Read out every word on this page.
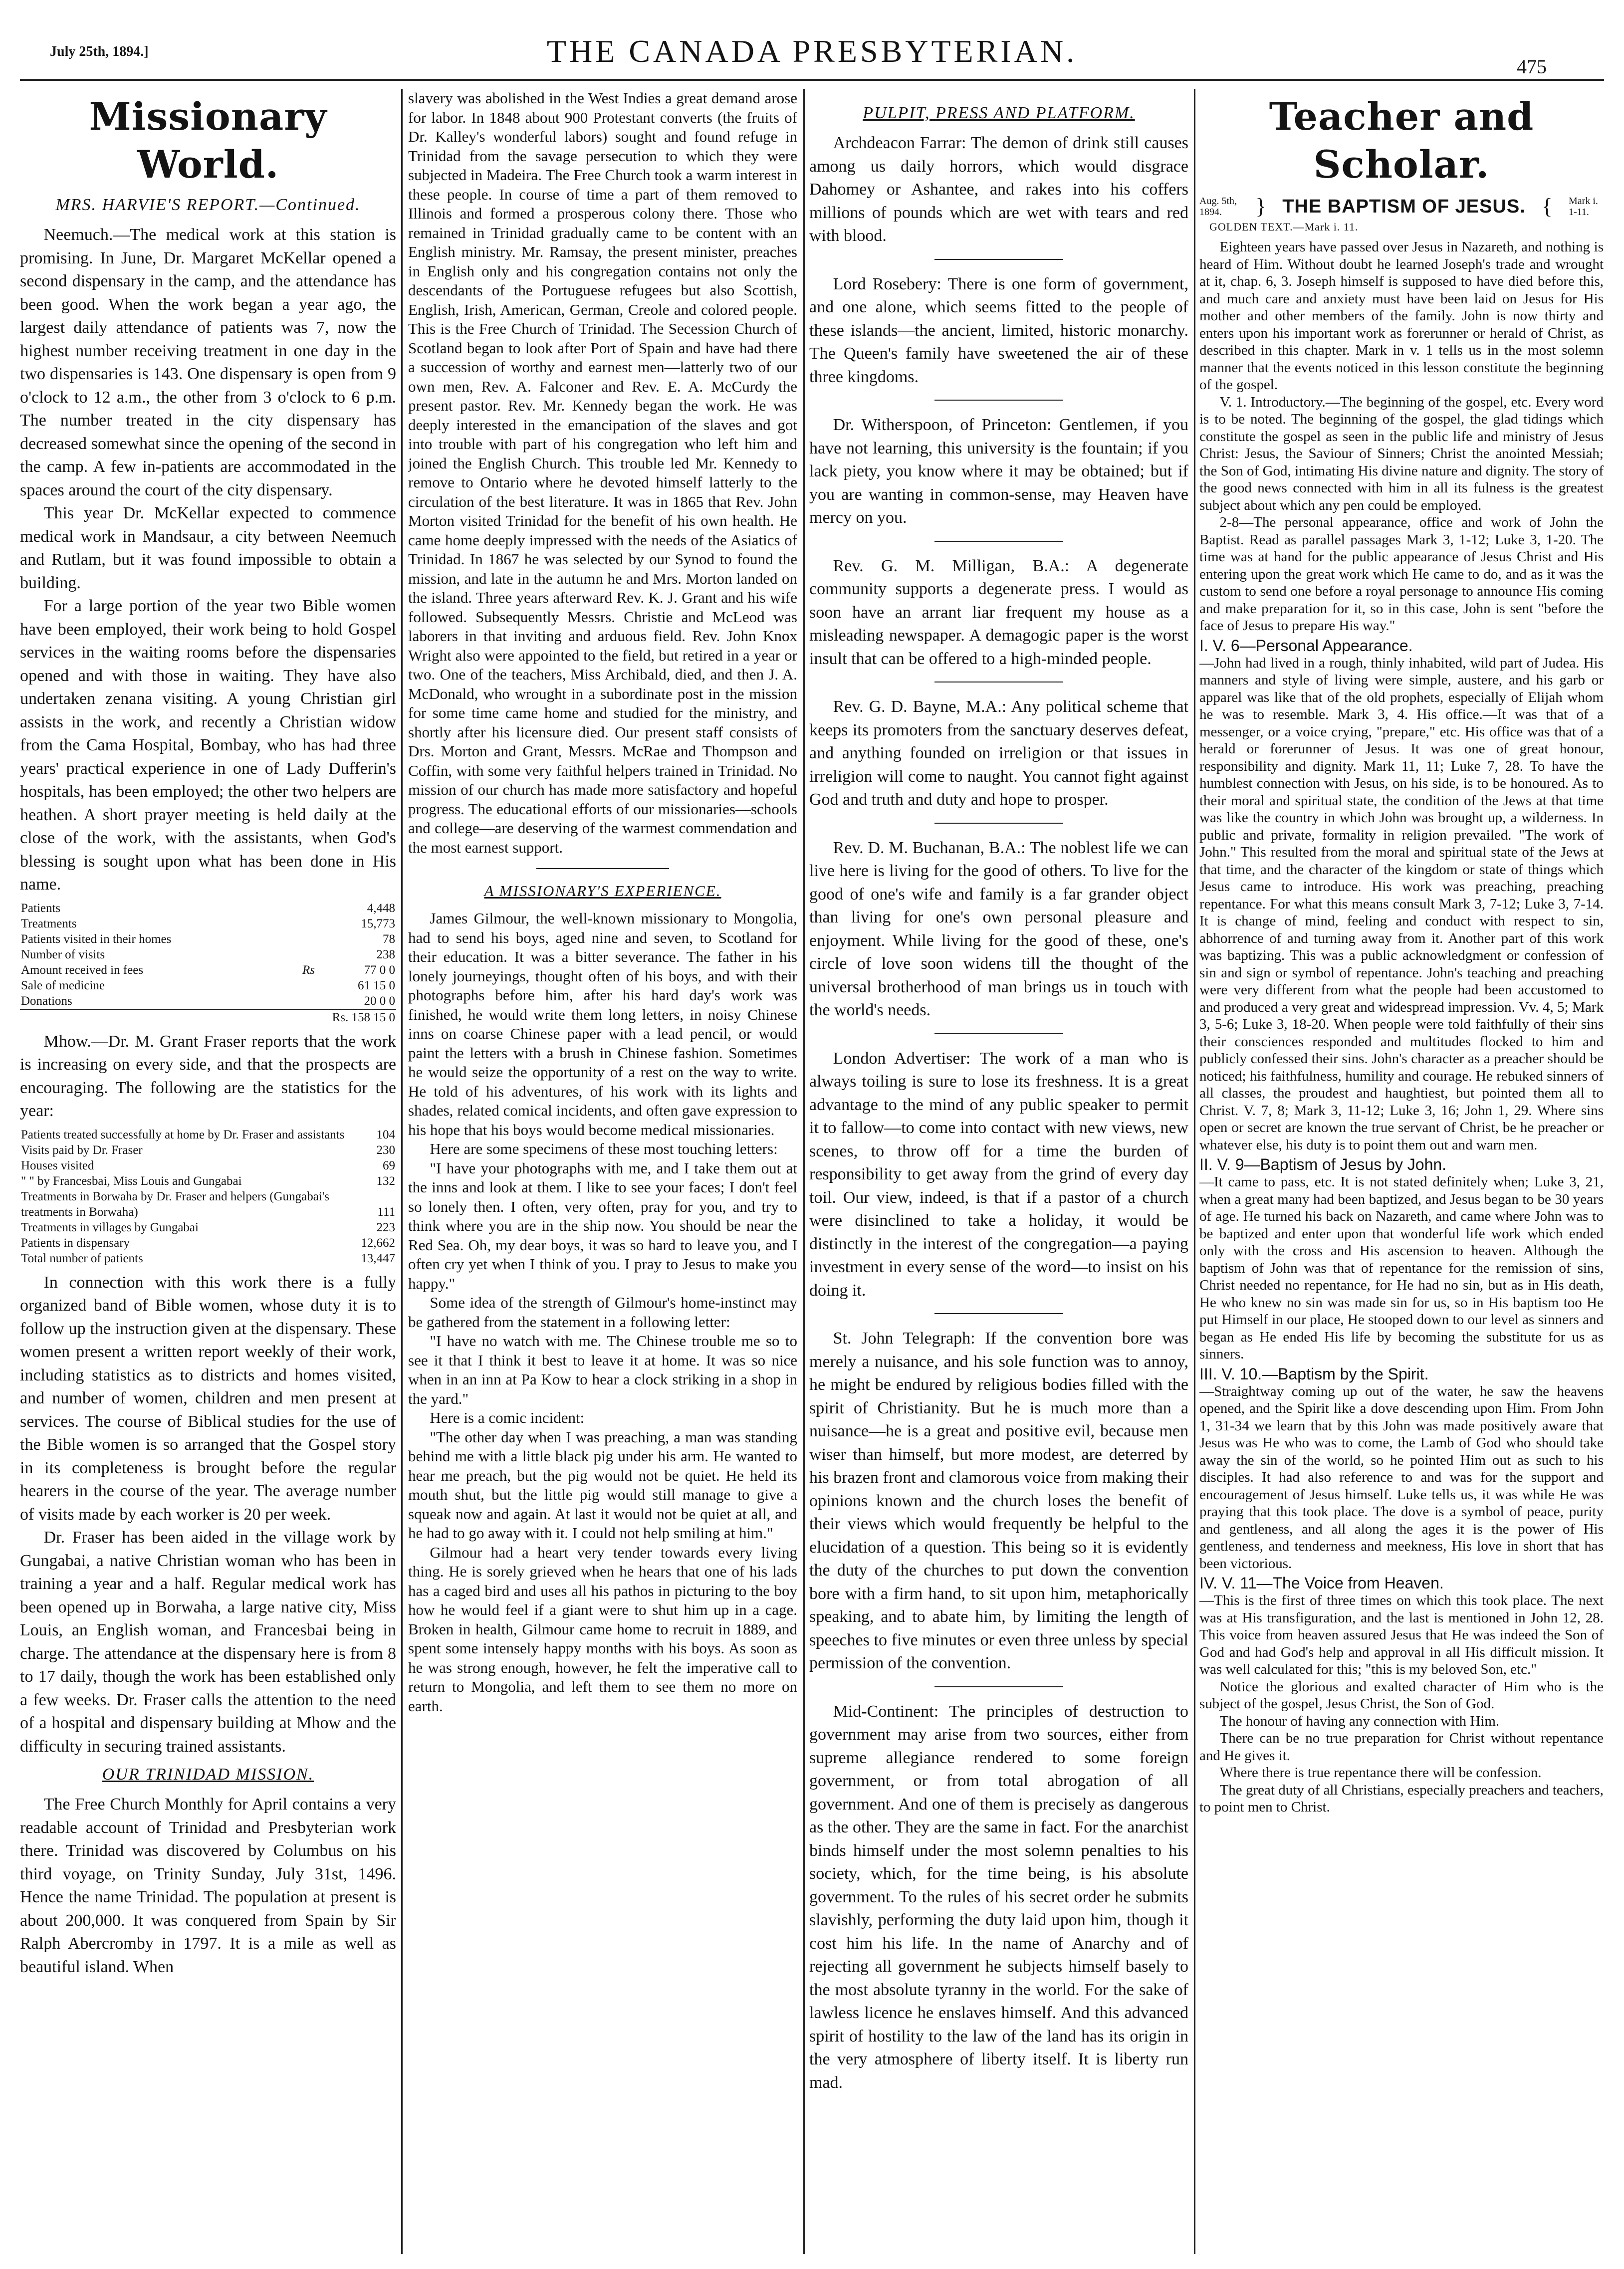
July 25th, 1894.]	THE CANADA PRESBYTERIAN.	475
Missionary World.
MRS. HARVIE'S REPORT.—Continued.

Neemuch.—The medical work at this station is promising. In June, Dr. Margaret McKellar opened a second dispensary in the camp, and the attendance has been good. When the work began a year ago, the largest daily attendance of patients was 7, now the highest number receiving treatment in one day in the two dispensaries is 143. One dispensary is open from 9 o'clock to 12 a.m., the other from 3 o'clock to 6 p.m. The number treated in the city dispensary has decreased somewhat since the opening of the second in the camp. A few in-patients are accommodated in the spaces around the court of the city dispensary.

This year Dr. McKellar expected to commence medical work in Mandsaur, a city between Neemuch and Rutlam, but it was found impossible to obtain a building.

For a large portion of the year two Bible women have been employed, their work being to hold Gospel services in the waiting rooms before the dispensaries opened and with those in waiting. They have also undertaken zenana visiting. A young Christian girl assists in the work, and recently a Christian widow from the Cama Hospital, Bombay, who has had three years' practical experience in one of Lady Dufferin's hospitals, has been employed; the other two helpers are heathen. A short prayer meeting is held daily at the close of the work, with the assistants, when God's blessing is sought upon what has been done in His name.

Patients	4,448
Treatments	15,773
Patients visited in their homes	78
Number of visits	238
Amount received in fees	Rs 77 0 0
Sale of medicine	61 15 0
Donations	20 0 0
	Rs. 158 15 0

Mhow.—Dr. M. Grant Fraser reports that the work is increasing on every side, and that the prospects are encouraging. The following are the statistics for the year:

Patients treated successfully at home by Dr. Fraser and assistants	104
Visits paid by Dr. Fraser	230
Houses visited	69
" " by Francesbai, Miss Louis and Gungabai	132
Treatments in Borwaha by Dr. Fraser and helpers (Gungabai's treatments in Borwaha)	111
Treatments in villages by Gungabai	223
Patients in dispensary	12,662
Total number of patients	13,447

In connection with this work there is a fully organized band of Bible women, whose duty it is to follow up the instruction given at the dispensary. These women present a written report weekly of their work, including statistics as to districts and homes visited, and number of women, children and men present at services. The course of Biblical studies for the use of the Bible women is so arranged that the Gospel story in its completeness is brought before the regular hearers in the course of the year. The average number of visits made by each worker is 20 per week.

Dr. Fraser has been aided in the village work by Gungabai, a native Christian woman who has been in training a year and a half. Regular medical work has been opened up in Borwaha, a large native city, Miss Louis, an English woman, and Francesbai being in charge. The attendance at the dispensary here is from 8 to 17 daily, though the work has been established only a few weeks. Dr. Fraser calls the attention to the need of a hospital and dispensary building at Mhow and the difficulty in securing trained assistants.

OUR TRINIDAD MISSION.

The Free Church Monthly for April contains a very readable account of Trinidad and Presbyterian work there. Trinidad was discovered by Columbus on his third voyage, on Trinity Sunday, July 31st, 1496. Hence the name Trinidad. The population at present is about 200,000. It was conquered from Spain by Sir Ralph Abercromby in 1797. It is a mile as well as beautiful island. When

slavery was abolished in the West Indies a great demand arose for labor. In 1848 about 900 Protestant converts (the fruits of Dr. Kalley's wonderful labors) sought and found refuge in Trinidad from the savage persecution to which they were subjected in Madeira. The Free Church took a warm interest in these people. In course of time a part of them removed to Illinois and formed a prosperous colony there. Those who remained in Trinidad gradually came to be content with an English ministry. Mr. Ramsay, the present minister, preaches in English only and his congregation contains not only the descendants of the Portuguese refugees but also Scottish, English, Irish, American, German, Creole and colored people. This is the Free Church of Trinidad. The Secession Church of Scotland began to look after Port of Spain and have had there a succession of worthy and earnest men—latterly two of our own men, Rev. A. Falconer and Rev. E. A. McCurdy the present pastor. Rev. Mr. Kennedy began the work. He was deeply interested in the emancipation of the slaves and got into trouble with part of his congregation who left him and joined the English Church. This trouble led Mr. Kennedy to remove to Ontario where he devoted himself latterly to the circulation of the best literature. It was in 1865 that Rev. John Morton visited Trinidad for the benefit of his own health. He came home deeply impressed with the needs of the Asiatics of Trinidad. In 1867 he was selected by our Synod to found the mission, and late in the autumn he and Mrs. Morton landed on the island. Three years afterward Rev. K. J. Grant and his wife followed. Subsequently Messrs. Christie and McLeod was laborers in that inviting and arduous field. Rev. John Knox Wright also were appointed to the field, but retired in a year or two. One of the teachers, Miss Archibald, died, and then J. A. McDonald, who wrought in a subordinate post in the mission for some time came home and studied for the ministry, and shortly after his licensure died. Our present staff consists of Drs. Morton and Grant, Messrs. McRae and Thompson and Coffin, with some very faithful helpers trained in Trinidad. No mission of our church has made more satisfactory and hopeful progress. The educational efforts of our missionaries—schools and college—are deserving of the warmest commendation and the most earnest support.

A MISSIONARY'S EXPERIENCE.

James Gilmour, the well-known missionary to Mongolia, had to send his boys, aged nine and seven, to Scotland for their education. It was a bitter severance. The father in his lonely journeyings, thought often of his boys, and with their photographs before him, after his hard day's work was finished, he would write them long letters, in noisy Chinese inns on coarse Chinese paper with a lead pencil, or would paint the letters with a brush in Chinese fashion. Sometimes he would seize the opportunity of a rest on the way to write. He told of his adventures, of his work with its lights and shades, related comical incidents, and often gave expression to his hope that his boys would become medical missionaries.

Here are some specimens of these most touching letters:

"I have your photographs with me, and I take them out at the inns and look at them. I like to see your faces; I don't feel so lonely then. I often, very often, pray for you, and try to think where you are in the ship now. You should be near the Red Sea. Oh, my dear boys, it was so hard to leave you, and I often cry yet when I think of you. I pray to Jesus to make you happy."

Some idea of the strength of Gilmour's home-instinct may be gathered from the statement in a following letter:

"I have no watch with me. The Chinese trouble me so to see it that I think it best to leave it at home. It was so nice when in an inn at Pa Kow to hear a clock striking in a shop in the yard."

Here is a comic incident:

"The other day when I was preaching, a man was standing behind me with a little black pig under his arm. He wanted to hear me preach, but the pig would not be quiet. He held its mouth shut, but the little pig would still manage to give a squeak now and again. At last it would not be quiet at all, and he had to go away with it. I could not help smiling at him."

Gilmour had a heart very tender towards every living thing. He is sorely grieved when he hears that one of his lads has a caged bird and uses all his pathos in picturing to the boy how he would feel if a giant were to shut him up in a cage. Broken in health, Gilmour came home to recruit in 1889, and spent some intensely happy months with his boys. As soon as he was strong enough, however, he felt the imperative call to return to Mongolia, and left them to see them no more on earth.

PULPIT, PRESS AND PLATFORM.

Archdeacon Farrar: The demon of drink still causes among us daily horrors, which would disgrace Dahomey or Ashantee, and rakes into his coffers millions of pounds which are wet with tears and red with blood.

Lord Rosebery: There is one form of government, and one alone, which seems fitted to the people of these islands—the ancient, limited, historic monarchy. The Queen's family have sweetened the air of these three kingdoms.

Dr. Witherspoon, of Princeton: Gentlemen, if you have not learning, this university is the fountain; if you lack piety, you know where it may be obtained; but if you are wanting in common-sense, may Heaven have mercy on you.

Rev. G. M. Milligan, B.A.: A degenerate community supports a degenerate press. I would as soon have an arrant liar frequent my house as a misleading newspaper. A demagogic paper is the worst insult that can be offered to a high-minded people.

Rev. G. D. Bayne, M.A.: Any political scheme that keeps its promoters from the sanctuary deserves defeat, and anything founded on irreligion or that issues in irreligion will come to naught. You cannot fight against God and truth and duty and hope to prosper.

Rev. D. M. Buchanan, B.A.: The noblest life we can live here is living for the good of others. To live for the good of one's wife and family is a far grander object than living for one's own personal pleasure and enjoyment. While living for the good of these, one's circle of love soon widens till the thought of the universal brotherhood of man brings us in touch with the world's needs.

London Advertiser: The work of a man who is always toiling is sure to lose its freshness. It is a great advantage to the mind of any public speaker to permit it to fallow—to come into contact with new views, new scenes, to throw off for a time the burden of responsibility to get away from the grind of every day toil. Our view, indeed, is that if a pastor of a church were disinclined to take a holiday, it would be distinctly in the interest of the congregation—a paying investment in every sense of the word—to insist on his doing it.

St. John Telegraph: If the convention bore was merely a nuisance, and his sole function was to annoy, he might be endured by religious bodies filled with the spirit of Christianity. But he is much more than a nuisance—he is a great and positive evil, because men wiser than himself, but more modest, are deterred by his brazen front and clamorous voice from making their opinions known and the church loses the benefit of their views which would frequently be helpful to the elucidation of a question. This being so it is evidently the duty of the churches to put down the convention bore with a firm hand, to sit upon him, metaphorically speaking, and to abate him, by limiting the length of speeches to five minutes or even three unless by special permission of the convention.

Mid-Continent: The principles of destruction to government may arise from two sources, either from supreme allegiance rendered to some foreign government, or from total abrogation of all government. And one of them is precisely as dangerous as the other. They are the same in fact. For the anarchist binds himself under the most solemn penalties to his society, which, for the time being, is his absolute government. To the rules of his secret order he submits slavishly, performing the duty laid upon him, though it cost him his life. In the name of Anarchy and of rejecting all government he subjects himself basely to the most absolute tyranny in the world. For the sake of lawless licence he enslaves himself. And this advanced spirit of hostility to the law of the land has its origin in the very atmosphere of liberty itself. It is liberty run mad.

Teacher and Scholar.
Aug. 5th, 1894.	} THE BAPTISM OF JESUS. { Mark i. 1-11.
GOLDEN TEXT.—Mark i. 11.

Eighteen years have passed over Jesus in Nazareth, and nothing is heard of Him. Without doubt he learned Joseph's trade and wrought at it, chap. 6, 3. Joseph himself is supposed to have died before this, and much care and anxiety must have been laid on Jesus for His mother and other members of the family. John is now thirty and enters upon his important work as forerunner or herald of Christ, as described in this chapter. Mark in v. 1 tells us in the most solemn manner that the events noticed in this lesson constitute the beginning of the gospel.

V. 1. Introductory.—The beginning of the gospel, etc. Every word is to be noted. The beginning of the gospel, the glad tidings which constitute the gospel as seen in the public life and ministry of Jesus Christ: Jesus, the Saviour of Sinners; Christ the anointed Messiah; the Son of God, intimating His divine nature and dignity. The story of the good news connected with him in all its fulness is the greatest subject about which any pen could be employed.

2-8—The personal appearance, office and work of John the Baptist. Read as parallel passages Mark 3, 1-12; Luke 3, 1-20. The time was at hand for the public appearance of Jesus Christ and His entering upon the great work which He came to do, and as it was the custom to send one before a royal personage to announce His coming and make preparation for it, so in this case, John is sent "before the face of Jesus to prepare His way."

I. V. 6—Personal Appearance.

—John had lived in a rough, thinly inhabited, wild part of Judea. His manners and style of living were simple, austere, and his garb or apparel was like that of the old prophets, especially of Elijah whom he was to resemble. Mark 3, 4. His office.—It was that of a messenger, or a voice crying, "prepare," etc. His office was that of a herald or forerunner of Jesus. It was one of great honour, responsibility and dignity. Mark 11, 11; Luke 7, 28. To have the humblest connection with Jesus, on his side, is to be honoured. As to their moral and spiritual state, the condition of the Jews at that time was like the country in which John was brought up, a wilderness. In public and private, formality in religion prevailed. "The work of John." This resulted from the moral and spiritual state of the Jews at that time, and the character of the kingdom or state of things which Jesus came to introduce. His work was preaching, preaching repentance. For what this means consult Mark 3, 7-12; Luke 3, 7-14. It is change of mind, feeling and conduct with respect to sin, abhorrence of and turning away from it. Another part of this work was baptizing. This was a public acknowledgment or confession of sin and sign or symbol of repentance. John's teaching and preaching were very different from what the people had been accustomed to and produced a very great and widespread impression. Vv. 4, 5; Mark 3, 5-6; Luke 3, 18-20. When people were told faithfully of their sins their consciences responded and multitudes flocked to him and publicly confessed their sins. John's character as a preacher should be noticed; his faithfulness, humility and courage. He rebuked sinners of all classes, the proudest and haughtiest, but pointed them all to Christ. V. 7, 8; Mark 3, 11-12; Luke 3, 16; John 1, 29. Where sins open or secret are known the true servant of Christ, be he preacher or whatever else, his duty is to point them out and warn men.

II. V. 9—Baptism of Jesus by John.

—It came to pass, etc. It is not stated definitely when; Luke 3, 21, when a great many had been baptized, and Jesus began to be 30 years of age. He turned his back on Nazareth, and came where John was to be baptized and enter upon that wonderful life work which ended only with the cross and His ascension to heaven. Although the baptism of John was that of repentance for the remission of sins, Christ needed no repentance, for He had no sin, but as in His death, He who knew no sin was made sin for us, so in His baptism too He put Himself in our place, He stooped down to our level as sinners and began as He ended His life by becoming the substitute for us as sinners.

III. V. 10.—Baptism by the Spirit.

—Straightway coming up out of the water, he saw the heavens opened, and the Spirit like a dove descending upon Him. From John 1, 31-34 we learn that by this John was made positively aware that Jesus was He who was to come, the Lamb of God who should take away the sin of the world, so he pointed Him out as such to his disciples. It had also reference to and was for the support and encouragement of Jesus himself. Luke tells us, it was while He was praying that this took place. The dove is a symbol of peace, purity and gentleness, and all along the ages it is the power of His gentleness, and tenderness and meekness, His love in short that has been victorious.

IV. V. 11—The Voice from Heaven.

—This is the first of three times on which this took place. The next was at His transfiguration, and the last is mentioned in John 12, 28. This voice from heaven assured Jesus that He was indeed the Son of God and had God's help and approval in all His difficult mission. It was well calculated for this; "this is my beloved Son, etc."

Notice the glorious and exalted character of Him who is the subject of the gospel, Jesus Christ, the Son of God.

The honour of having any connection with Him.

There can be no true preparation for Christ without repentance and He gives it.

Where there is true repentance there will be confession.

The great duty of all Christians, especially preachers and teachers, to point men to Christ.
